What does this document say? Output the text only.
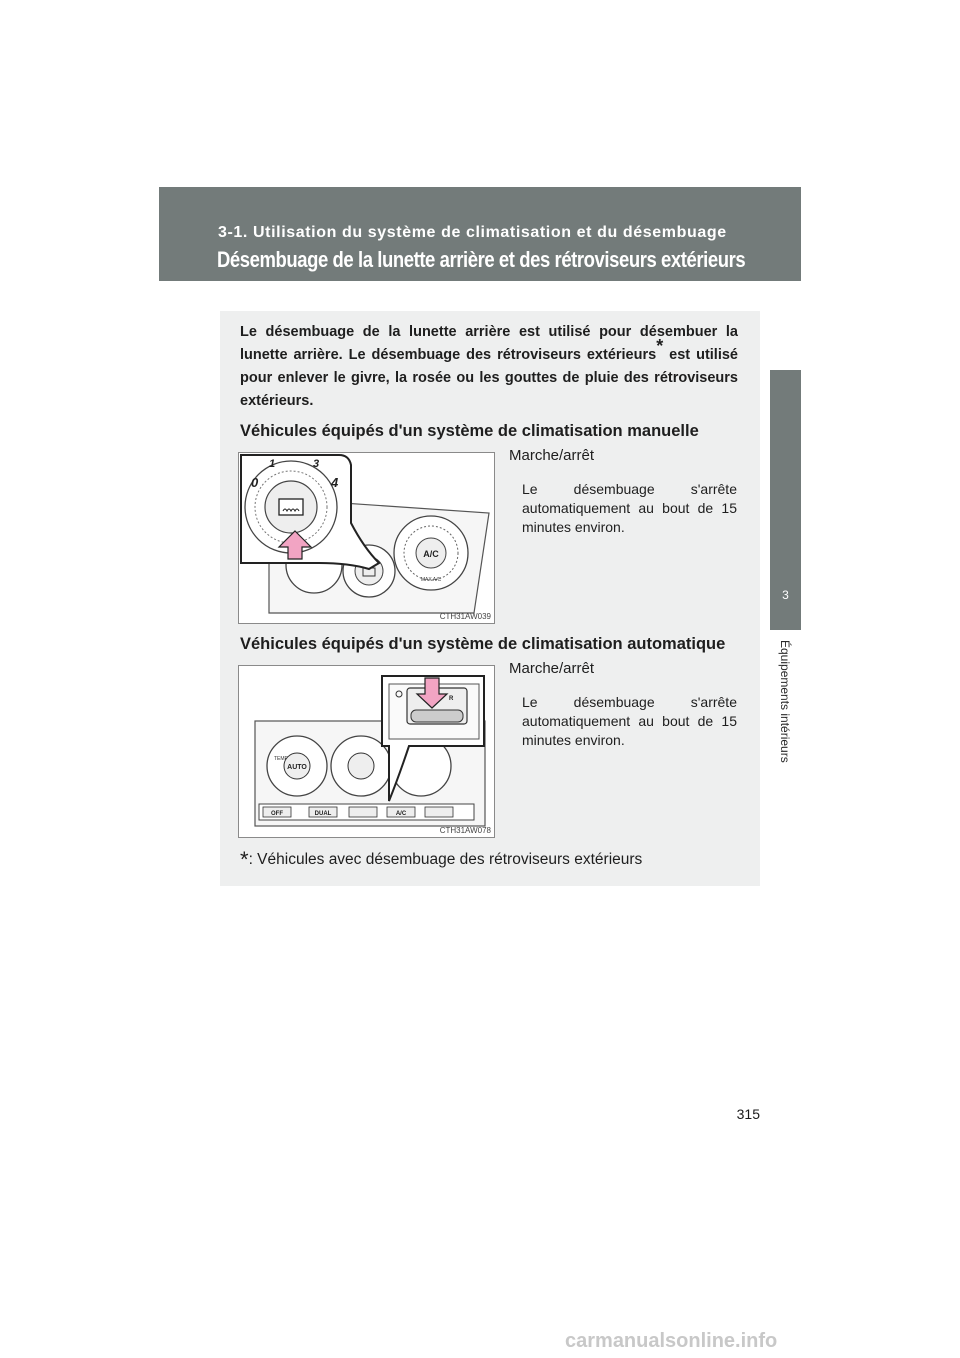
3-1. Utilisation du système de climatisation et du désembuage
Désembuage de la lunette arrière et des rétroviseurs extérieurs
3
Équipements intérieurs
Le désembuage de la lunette arrière est utilisé pour désembuer la lunette arrière. Le désembuage des rétroviseurs extérieurs* est utilisé pour enlever le givre, la rosée ou les gouttes de pluie des rétroviseurs extérieurs.
Véhicules équipés d'un système de climatisation manuelle
A/C
MAX A/C
0
1	3
4
CTH31AW039
Marche/arrêt
Le désembuage s'arrête automatiquement au bout de 15 minutes environ.
Véhicules équipés d'un système de climatisation automatique
AUTO
TEMP
OFF	DUAL	A/C
R
CTH31AW078
Marche/arrêt
Le désembuage s'arrête automatiquement au bout de 15 minutes environ.
*: Véhicules avec désembuage des rétroviseurs extérieurs
315
carmanualsonline.info
